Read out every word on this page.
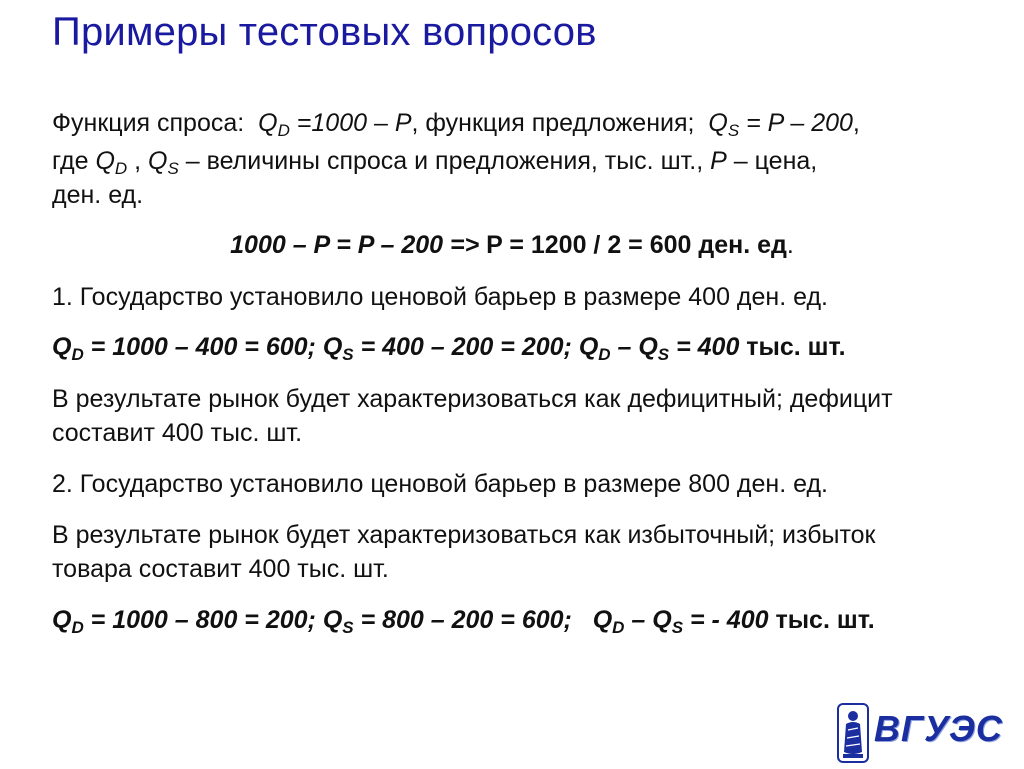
Примеры тестовых вопросов
Функция спроса: $Q_D =1000 - P$, функция предложения; $Q_S = P - 200$,
где $Q_D$ , $Q_S$ – величины спроса и предложения, тыс. шт., P – цена,
ден. ед.
1000 – P = P – 200 => P = 1200 / 2 = 600 ден. ед.
1. Государство установило ценовой барьер в размере 400 ден. ед.
$Q_D = 1000 - 400 = 600$; $Q_S = 400 - 200 = 200$; $Q_D - Q_S = 400$ тыс. шт.
В результате рынок будет характеризоваться как дефицитный; дефицит
составит 400 тыс. шт.
2. Государство установило ценовой барьер в размере 800 ден. ед.
В результате рынок будет характеризоваться как избыточный; избыток
товара составит 400 тыс. шт.
$Q_D = 1000 - 800 = 200$; $Q_S = 800 - 200 = 600$;   $Q_D - Q_S$ = - 400 тыс. шт.
ВГУЭС
